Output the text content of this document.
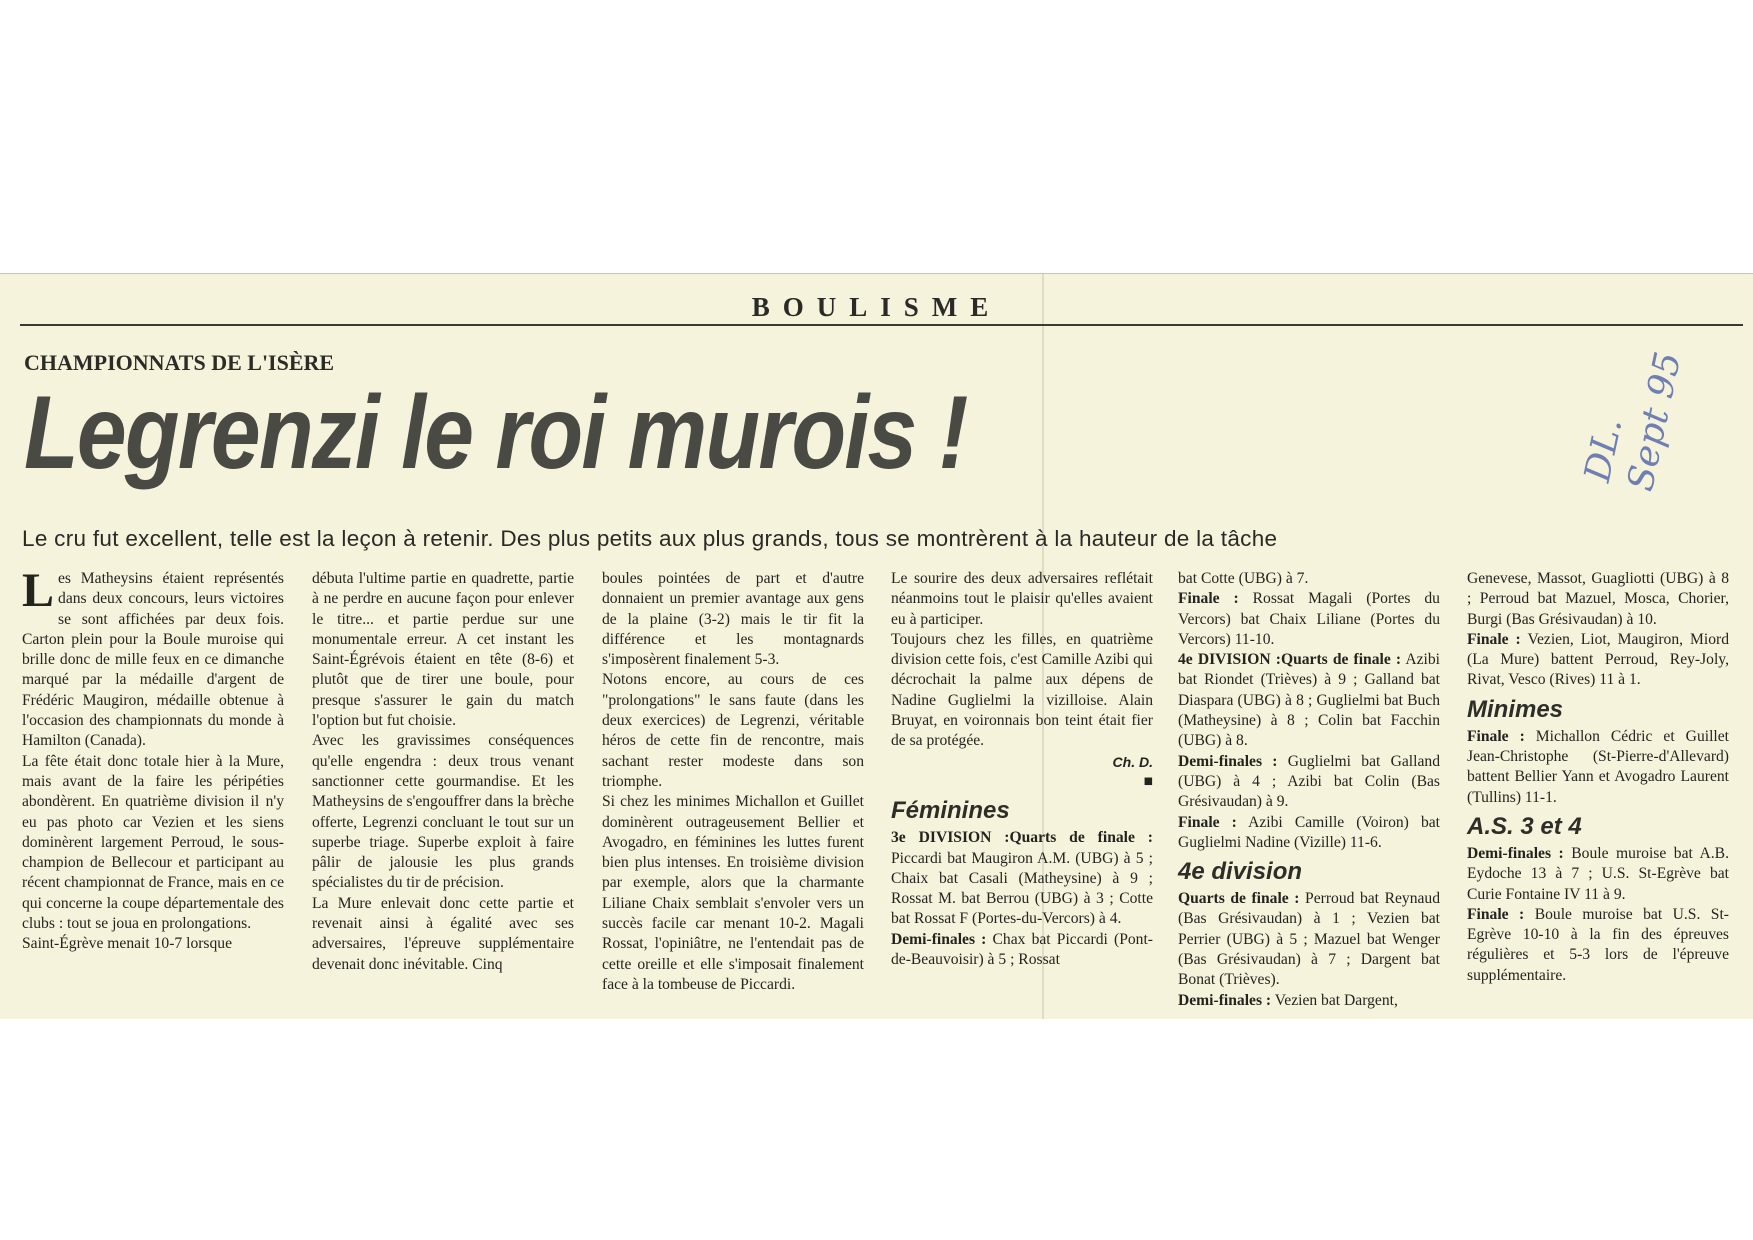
BOULISME
CHAMPIONNATS DE L'ISÈRE
Legrenzi le roi murois !
Le cru fut excellent, telle est la leçon à retenir. Des plus petits aux plus grands, tous se montrèrent à la hauteur de la tâche
DL.
Sept 95

Les Matheysins étaient représentés dans deux concours, leurs victoires se sont affichées par deux fois. Carton plein pour la Boule muroise qui brille donc de mille feux en ce dimanche marqué par la médaille d'argent de Frédéric Maugiron, médaille obtenue à l'occasion des championnats du monde à Hamilton (Canada).

La fête était donc totale hier à la Mure, mais avant de la faire les péripéties abondèrent. En quatrième division il n'y eu pas photo car Vezien et les siens dominèrent largement Perroud, le sous-champion de Bellecour et participant au récent championnat de France, mais en ce qui concerne la coupe départementale des clubs : tout se joua en prolongations.

Saint-Égrève menait 10-7 lorsque

débuta l'ultime partie en quadrette, partie à ne perdre en aucune façon pour enlever le titre... et partie perdue sur une monumentale erreur. A cet instant les Saint-Égrévois étaient en tête (8-6) et plutôt que de tirer une boule, pour presque s'assurer le gain du match l'option but fut choisie.

Avec les gravissimes conséquences qu'elle engendra : deux trous venant sanctionner cette gourmandise. Et les Matheysins de s'engouffrer dans la brèche offerte, Legrenzi concluant le tout sur un superbe triage. Superbe exploit à faire pâlir de jalousie les plus grands spécialistes du tir de précision.

La Mure enlevait donc cette partie et revenait ainsi à égalité avec ses adversaires, l'épreuve supplémentaire devenait donc inévitable. Cinq

boules pointées de part et d'autre donnaient un premier avantage aux gens de la plaine (3-2) mais le tir fit la différence et les montagnards s'imposèrent finalement 5-3.

Notons encore, au cours de ces "prolongations" le sans faute (dans les deux exercices) de Legrenzi, véritable héros de cette fin de rencontre, mais sachant rester modeste dans son triomphe.

Si chez les minimes Michallon et Guillet dominèrent outrageusement Bellier et Avogadro, en féminines les luttes furent bien plus intenses. En troisième division par exemple, alors que la charmante Liliane Chaix semblait s'envoler vers un succès facile car menant 10-2. Magali Rossat, l'opiniâtre, ne l'entendait pas de cette oreille et elle s'imposait finalement face à la tombeuse de Piccardi.

Le sourire des deux adversaires reflétait néanmoins tout le plaisir qu'elles avaient eu à participer.

Toujours chez les filles, en quatrième division cette fois, c'est Camille Azibi qui décrochait la palme aux dépens de Nadine Guglielmi la vizilloise. Alain Bruyat, en voironnais bon teint était fier de sa protégée.

Ch. D.

■

Féminines

3e DIVISION :Quarts de finale : Piccardi bat Maugiron A.M. (UBG) à 5 ; Chaix bat Casali (Matheysine) à 9 ; Rossat M. bat Berrou (UBG) à 3 ; Cotte bat Rossat F (Portes-du-Vercors) à 4.

Demi-finales : Chax bat Piccardi (Pont-de-Beauvoisir) à 5 ; Rossat

bat Cotte (UBG) à 7.

Finale : Rossat Magali (Portes du Vercors) bat Chaix Liliane (Portes du Vercors) 11-10.

4e DIVISION :Quarts de finale : Azibi bat Riondet (Trièves) à 9 ; Galland bat Diaspara (UBG) à 8 ; Guglielmi bat Buch (Matheysine) à 8 ; Colin bat Facchin (UBG) à 8.

Demi-finales : Guglielmi bat Galland (UBG) à 4 ; Azibi bat Colin (Bas Grésivaudan) à 9.

Finale : Azibi Camille (Voiron) bat Guglielmi Nadine (Vizille) 11-6.

4e division

Quarts de finale : Perroud bat Reynaud (Bas Grésivaudan) à 1 ; Vezien bat Perrier (UBG) à 5 ; Mazuel bat Wenger (Bas Grésivaudan) à 7 ; Dargent bat Bonat (Trièves).

Demi-finales : Vezien bat Dargent,

Genevese, Massot, Guagliotti (UBG) à 8 ; Perroud bat Mazuel, Mosca, Chorier, Burgi (Bas Grésivaudan) à 10.

Finale : Vezien, Liot, Maugiron, Miord (La Mure) battent Perroud, Rey-Joly, Rivat, Vesco (Rives) 11 à 1.

Minimes

Finale : Michallon Cédric et Guillet Jean-Christophe (St-Pierre-d'Allevard) battent Bellier Yann et Avogadro Laurent (Tullins) 11-1.

A.S. 3 et 4

Demi-finales : Boule muroise bat A.B. Eydoche 13 à 7 ; U.S. St-Egrève bat Curie Fontaine IV 11 à 9.

Finale : Boule muroise bat U.S. St-Egrève 10-10 à la fin des épreuves régulières et 5-3 lors de l'épreuve supplémentaire.
